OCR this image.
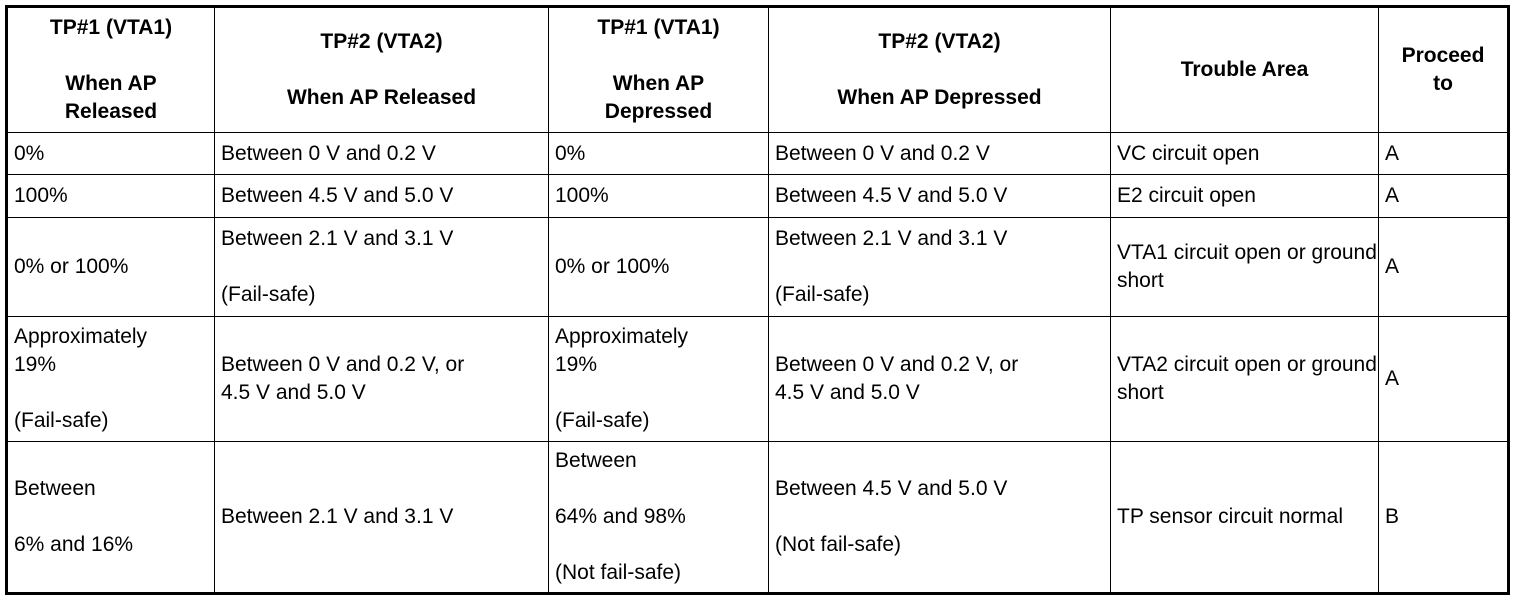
TP#1 (VTA1)
When AP
Released	TP#2 (VTA2)
When AP Released	TP#1 (VTA1)
When AP
Depressed	TP#2 (VTA2)
When AP Depressed	Trouble Area	Proceed
to

0%	Between 0 V and 0.2 V	0%	Between 0 V and 0.2 V	VC circuit open	A

100%	Between 4.5 V and 5.0 V	100%	Between 4.5 V and 5.0 V	E2 circuit open	A

0% or 100%	Between 2.1 V and 3.1 V
(Fail-safe)	0% or 100%	Between 2.1 V and 3.1 V
(Fail-safe)	VTA1 circuit open or ground short	A

Approximately
19%
(Fail-safe)	Between 0 V and 0.2 V, or
4.5 V and 5.0 V	Approximately
19%
(Fail-safe)	Between 0 V and 0.2 V, or
4.5 V and 5.0 V	VTA2 circuit open or ground short	A

Between
6% and 16%	Between 2.1 V and 3.1 V	Between
64% and 98%
(Not fail-safe)	Between 4.5 V and 5.0 V
(Not fail-safe)	TP sensor circuit normal	B
